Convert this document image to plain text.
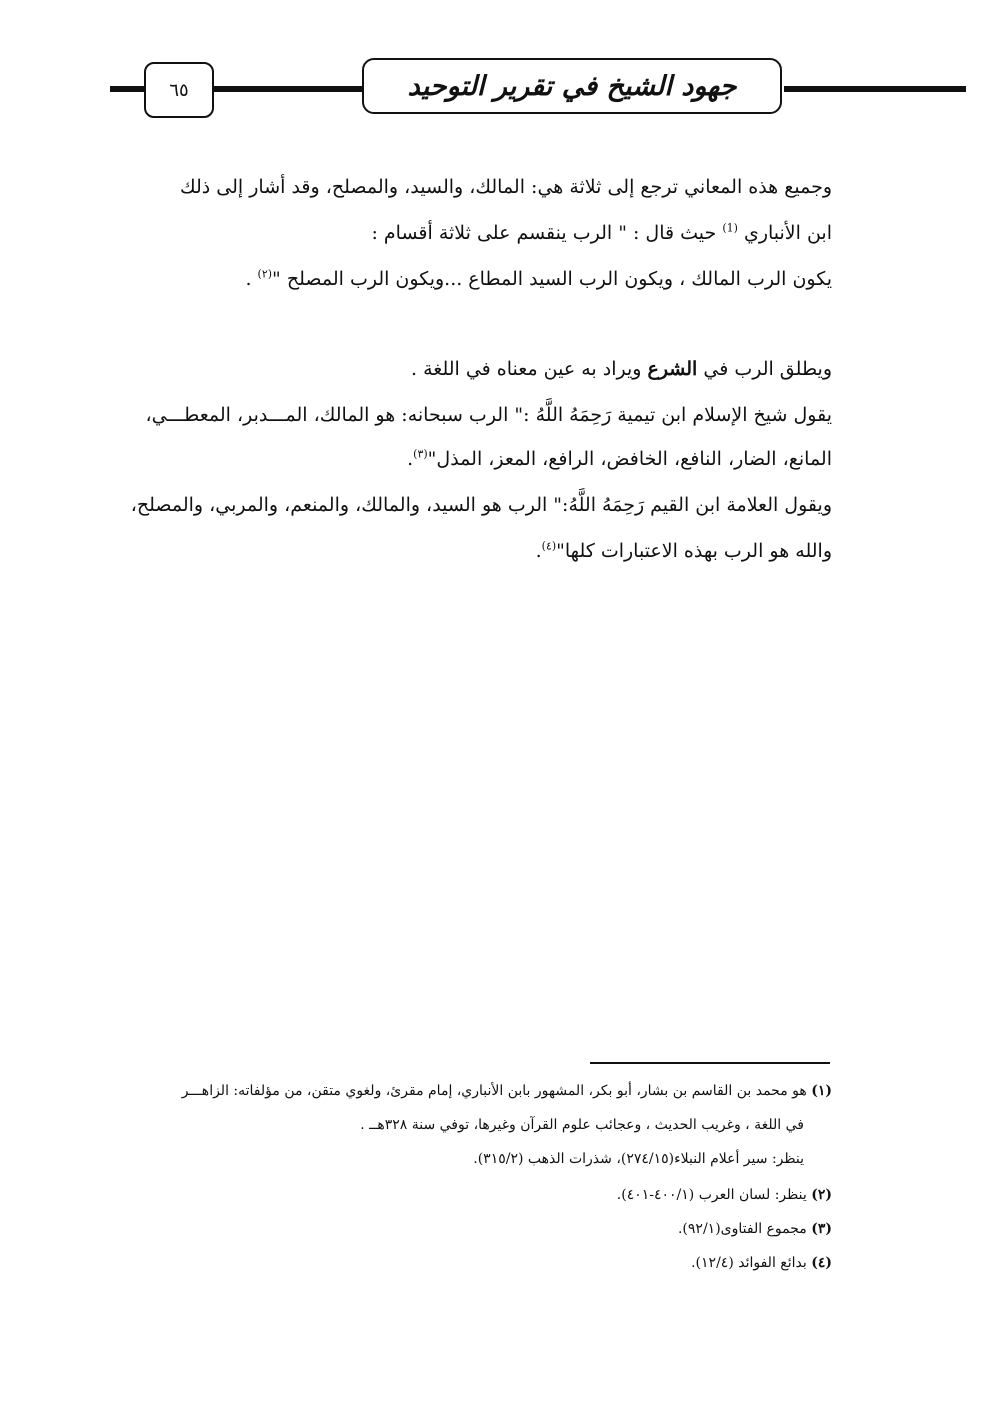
جهود الشيخ في تقرير التوحيد
٦٥
وجميع هذه المعاني ترجع إلى ثلاثة هي: المالك، والسيد، والمصلح، وقد أشار إلى ذلك
ابن الأنباري $^{(1)}$ حيث قال : " الرب ينقسم على ثلاثة أقسام :
يكون الرب المالك ، ويكون الرب السيد المطاع ...ويكون الرب المصلح "$^{(٢)}$ .
ويطلق الرب في الشرع ويراد به عين معناه في اللغة .
يقول شيخ الإسلام ابن تيمية رَحِمَهُ اللَّهُ :" الرب سبحانه: هو المالك، المـــدبر، المعطـــي،
المانع، الضار، النافع، الخافض، الرافع، المعز، المذل"$^{(٣)}$.
ويقول العلامة ابن القيم رَحِمَهُ اللَّهُ:" الرب هو السيد، والمالك، والمنعم، والمربي، والمصلح،
والله هو الرب بهذه الاعتبارات كلها"$^{(٤)}$.
(١) هو محمد بن القاسم بن بشار، أبو بكر، المشهور بابن الأنباري، إمام مقرئ، ولغوي متقن، من مؤلفاته: الزاهـــر
في اللغة ، وغريب الحديث ، وعجائب علوم القرآن وغيرها، توفي سنة ٣٢٨هــ .
ينظر: سير أعلام النبلاء(٢٧٤/١٥)، شذرات الذهب (٣١٥/٢).
(٢) ينظر: لسان العرب (٤٠٠/١-٤٠١).
(٣) مجموع الفتاوى(٩٢/١).
(٤) بدائع الفوائد (١٢/٤).
